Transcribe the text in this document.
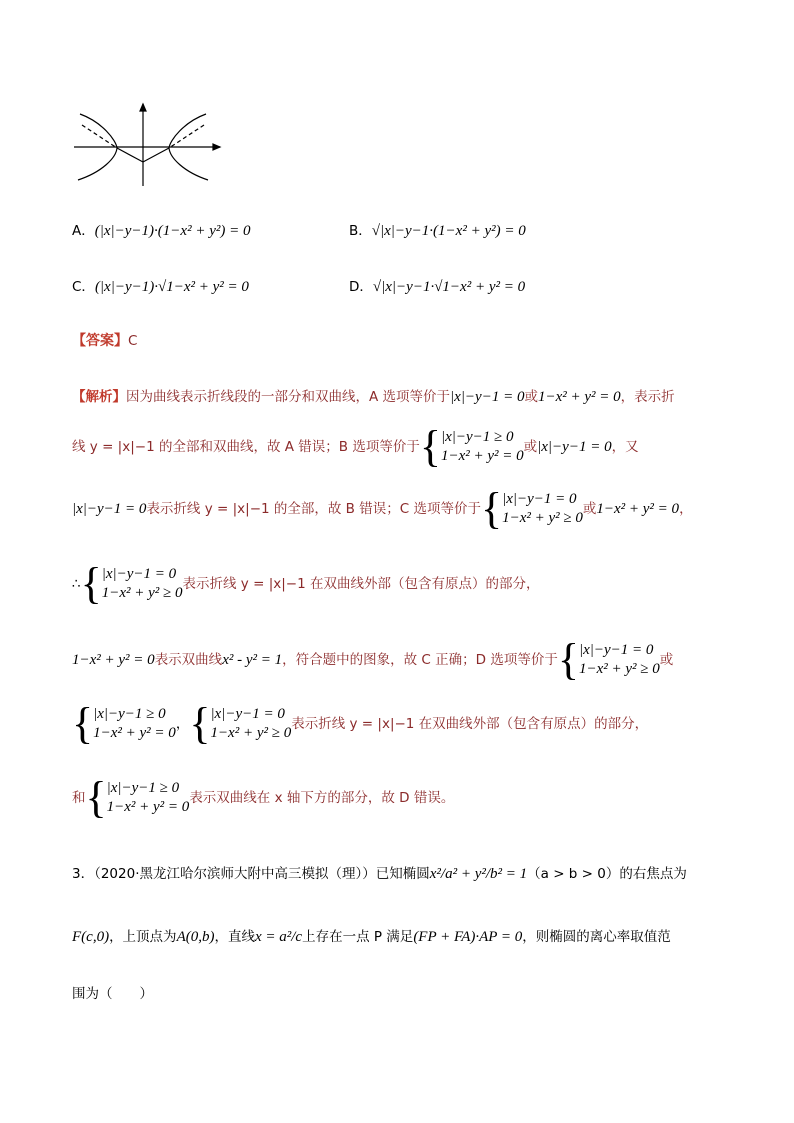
A．(|x|−y−1)·(1−x² + y²) = 0	B．√|x|−y−1·(1−x² + y²) = 0
C．(|x|−y−1)·√1−x² + y² = 0	D．√|x|−y−1·√1−x² + y² = 0
【答案】C
【解析】因为曲线表示折线段的一部分和双曲线，A 选项等价于|x|−y−1 = 0或1−x² + y² = 0，表示折
线 y = |x|−1 的全部和双曲线，故 A 错误；B 选项等价于{|x|−y−1 ≥ 0
1−x² + y² = 0或|x|−y−1 = 0，又
|x|−y−1 = 0表示折线 y = |x|−1 的全部，故 B 错误；C 选项等价于{|x|−y−1 = 0
1−x² + y² ≥ 0或1−x² + y² = 0，
∴{|x|−y−1 = 0
1−x² + y² ≥ 0表示折线 y = |x|−1 在双曲线外部（包含有原点）的部分，
1−x² + y² = 0表示双曲线x² - y² = 1，符合题中的图象，故 C 正确；D 选项等价于{|x|−y−1 = 0
1−x² + y² ≥ 0或
{|x|−y−1 ≥ 0
1−x² + y² = 0，{|x|−y−1 = 0
1−x² + y² ≥ 0表示折线 y = |x|−1 在双曲线外部（包含有原点）的部分，
和{|x|−y−1 ≥ 0
1−x² + y² = 0表示双曲线在 x 轴下方的部分，故 D 错误。
3．（2020·黑龙江哈尔滨师大附中高三模拟（理））已知椭圆x²/a² + y²/b² = 1（a > b > 0）的右焦点为
F(c,0)，上顶点为A(0,b)，直线x = a²/c上存在一点 P 满足(FP + FA)·AP = 0，则椭圆的离心率取值范
围为（　　）
